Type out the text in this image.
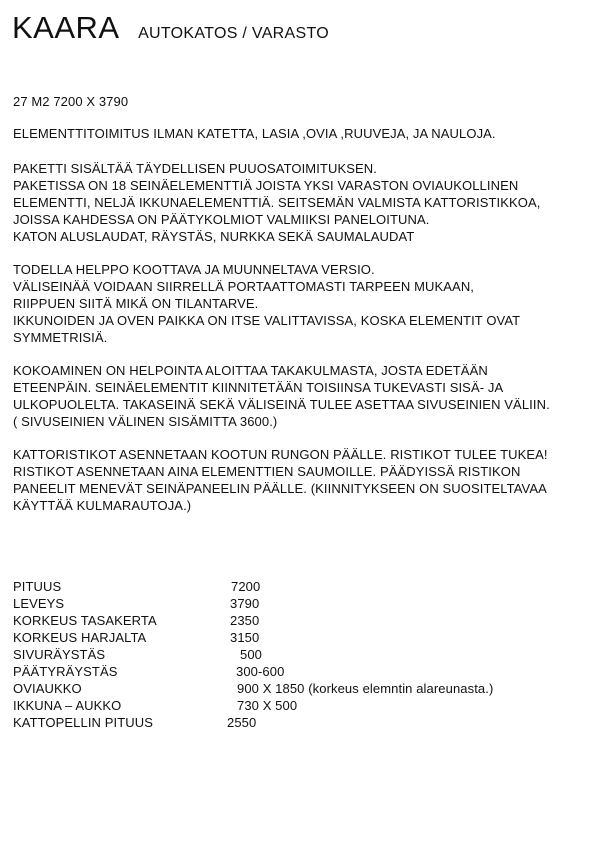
KAARA AUTOKATOS / VARASTO
27 M2 7200 X 3790
ELEMENTTITOIMITUS ILMAN KATETTA, LASIA ,OVIA ,RUUVEJA, JA NAULOJA.
PAKETTI SISÄLTÄÄ TÄYDELLISEN PUUOSATOIMITUKSEN.
PAKETISSA ON 18 SEINÄELEMENTTIÄ JOISTA YKSI VARASTON OVIAUKOLLINEN
ELEMENTTI, NELJÄ IKKUNAELEMENTTIÄ. SEITSEMÄN VALMISTA KATTORISTIKKOA,
JOISSA KAHDESSA ON PÄÄTYKOLMIOT VALMIIKSI PANELOITUNA.
KATON ALUSLAUDAT, RÄYSTÄS, NURKKA SEKÄ SAUMALAUDAT
TODELLA HELPPO KOOTTAVA JA MUUNNELTAVA VERSIO.
VÄLISEINÄÄ VOIDAAN SIIRRELLÄ PORTAATTOMASTI TARPEEN MUKAAN,
RIIPPUEN SIITÄ MIKÄ ON TILANTARVE.
IKKUNOIDEN JA OVEN PAIKKA ON ITSE VALITTAVISSA, KOSKA ELEMENTIT OVAT
SYMMETRISIÄ.
KOKOAMINEN ON HELPOINTA ALOITTAA TAKAKULMASTA, JOSTA EDETÄÄN
ETEENPÄIN. SEINÄELEMENTIT KIINNITETÄÄN TOISIINSA TUKEVASTI SISÄ- JA
ULKOPUOLELTA. TAKASEINÄ SEKÄ VÄLISEINÄ TULEE ASETTAA SIVUSEINIEN VÄLIIN.
( SIVUSEINIEN VÄLINEN SISÄMITTA 3600.)
KATTORISTIKOT ASENNETAAN KOOTUN RUNGON PÄÄLLE. RISTIKOT TULEE TUKEA!
RISTIKOT ASENNETAAN AINA ELEMENTTIEN SAUMOILLE. PÄÄDYISSÄ RISTIKON
PANEELIT MENEVÄT SEINÄPANEELIN PÄÄLLE. (KIINNITYKSEEN ON SUOSITELTAVAA
KÄYTTÄÄ KULMARAUTOJA.)
PITUUS	7200
LEVEYS	3790
KORKEUS TASAKERTA	2350
KORKEUS HARJALTA	3150
SIVURÄYSTÄS	500
PÄÄTYRÄYSTÄS	300-600
OVIAUKKO	900 X 1850 (korkeus elemntin alareunasta.)
IKKUNA – AUKKO	730 X 500
KATTOPELLIN PITUUS	2550
